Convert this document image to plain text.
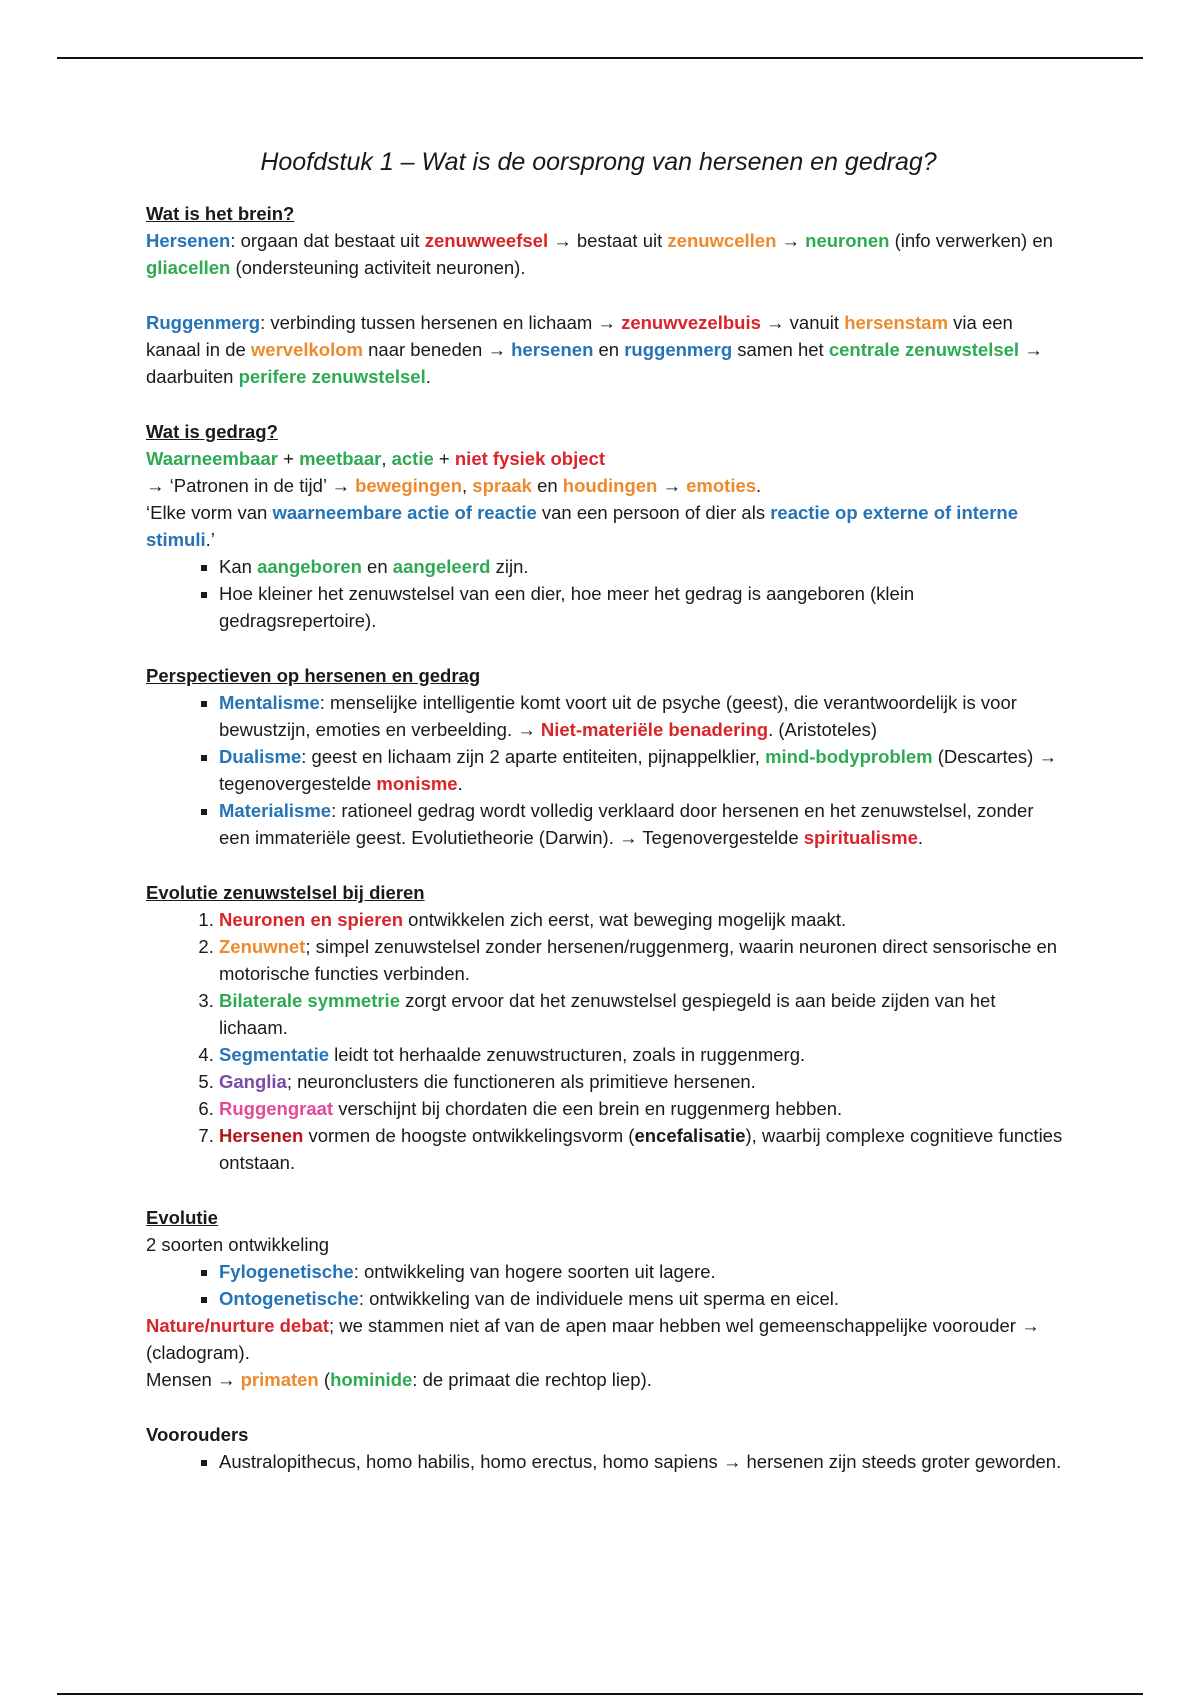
Hoofdstuk 1 – Wat is de oorsprong van hersenen en gedrag?
Wat is het brein?

Hersenen: orgaan dat bestaat uit zenuwweefsel → bestaat uit zenuwcellen → neuronen (info verwerken) en gliacellen (ondersteuning activiteit neuronen).

Ruggenmerg: verbinding tussen hersenen en lichaam → zenuwvezelbuis → vanuit hersenstam via een kanaal in de wervelkolom naar beneden → hersenen en ruggenmerg samen het centrale zenuwstelsel → daarbuiten perifere zenuwstelsel.

Wat is gedrag?

Waarneembaar + meetbaar, actie + niet fysiek object

→ ‘Patronen in de tijd’ → bewegingen, spraak en houdingen → emoties.

‘Elke vorm van waarneembare actie of reactie van een persoon of dier als reactie op externe of interne stimuli.’

▪ Kan aangeboren en aangeleerd zijn.
▪ Hoe kleiner het zenuwstelsel van een dier, hoe meer het gedrag is aangeboren (klein gedragsrepertoire).
Perspectieven op hersenen en gedrag
▪ Mentalisme: menselijke intelligentie komt voort uit de psyche (geest), die verantwoordelijk is voor bewustzijn, emoties en verbeelding. → Niet-materiële benadering. (Aristoteles)
▪ Dualisme: geest en lichaam zijn 2 aparte entiteiten, pijnappelklier, mind-bodyproblem (Descartes) → tegenovergestelde monisme.
▪ Materialisme: rationeel gedrag wordt volledig verklaard door hersenen en het zenuwstelsel, zonder een immateriële geest. Evolutietheorie (Darwin). → Tegenovergestelde spiritualisme.
Evolutie zenuwstelsel bij dieren
1. Neuronen en spieren ontwikkelen zich eerst, wat beweging mogelijk maakt.
2. Zenuwnet; simpel zenuwstelsel zonder hersenen/ruggenmerg, waarin neuronen direct sensorische en motorische functies verbinden.
3. Bilaterale symmetrie zorgt ervoor dat het zenuwstelsel gespiegeld is aan beide zijden van het lichaam.
4. Segmentatie leidt tot herhaalde zenuwstructuren, zoals in ruggenmerg.
5. Ganglia; neuronclusters die functioneren als primitieve hersenen.
6. Ruggengraat verschijnt bij chordaten die een brein en ruggenmerg hebben.
7. Hersenen vormen de hoogste ontwikkelingsvorm (encefalisatie), waarbij complexe cognitieve functies ontstaan.
Evolutie

2 soorten ontwikkeling

▪ Fylogenetische: ontwikkeling van hogere soorten uit lagere.
▪ Ontogenetische: ontwikkeling van de individuele mens uit sperma en eicel.

Nature/nurture debat; we stammen niet af van de apen maar hebben wel gemeenschappelijke voorouder → (cladogram).

Mensen → primaten (hominide: de primaat die rechtop liep).

Voorouders
▪ Australopithecus, homo habilis, homo erectus, homo sapiens → hersenen zijn steeds groter geworden.
